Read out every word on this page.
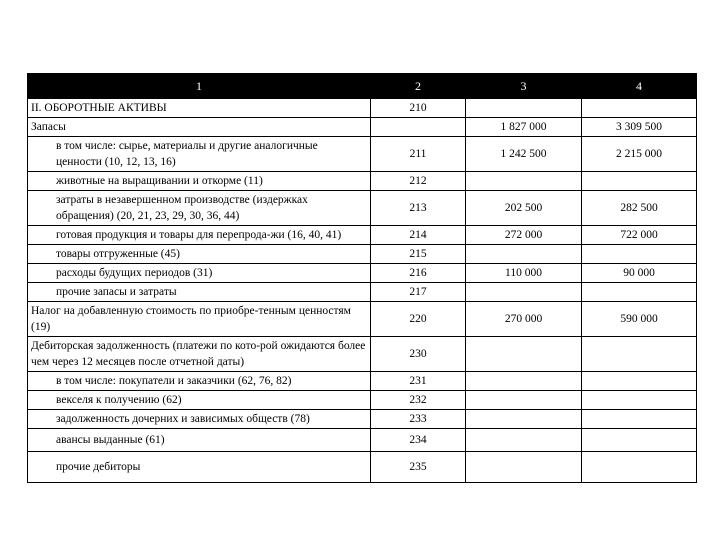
1	2	3	4
II. ОБОРОТНЫЕ АКТИВЫ	210		
Запасы		1 827 000	3 309 500
в том числе: сырье, материалы и другие аналогичные ценности (10, 12, 13, 16)	211	1 242 500	2 215 000
животные на выращивании и откорме (11)	212		
затраты в незавершенном производстве (издержках обращения) (20, 21, 23, 29, 30, 36, 44)	213	202 500	282 500
готовая продукция и товары для перепрода-жи (16, 40, 41)	214	272 000	722 000
товары отгруженные (45)	215		
расходы будущих периодов (31)	216	110 000	90 000
прочие запасы и затраты	217		
Налог на добавленную стоимость по приобре-тенным ценностям (19)	220	270 000	590 000
Дебиторская задолженность (платежи по кото-рой ожидаются более чем через 12 месяцев после отчетной даты)	230		
в том числе: покупатели и заказчики (62, 76, 82)	231		
векселя к получению (62)	232		
задолженность дочерних и зависимых обществ (78)	233		
авансы выданные (61)	234		
прочие дебиторы	235		
